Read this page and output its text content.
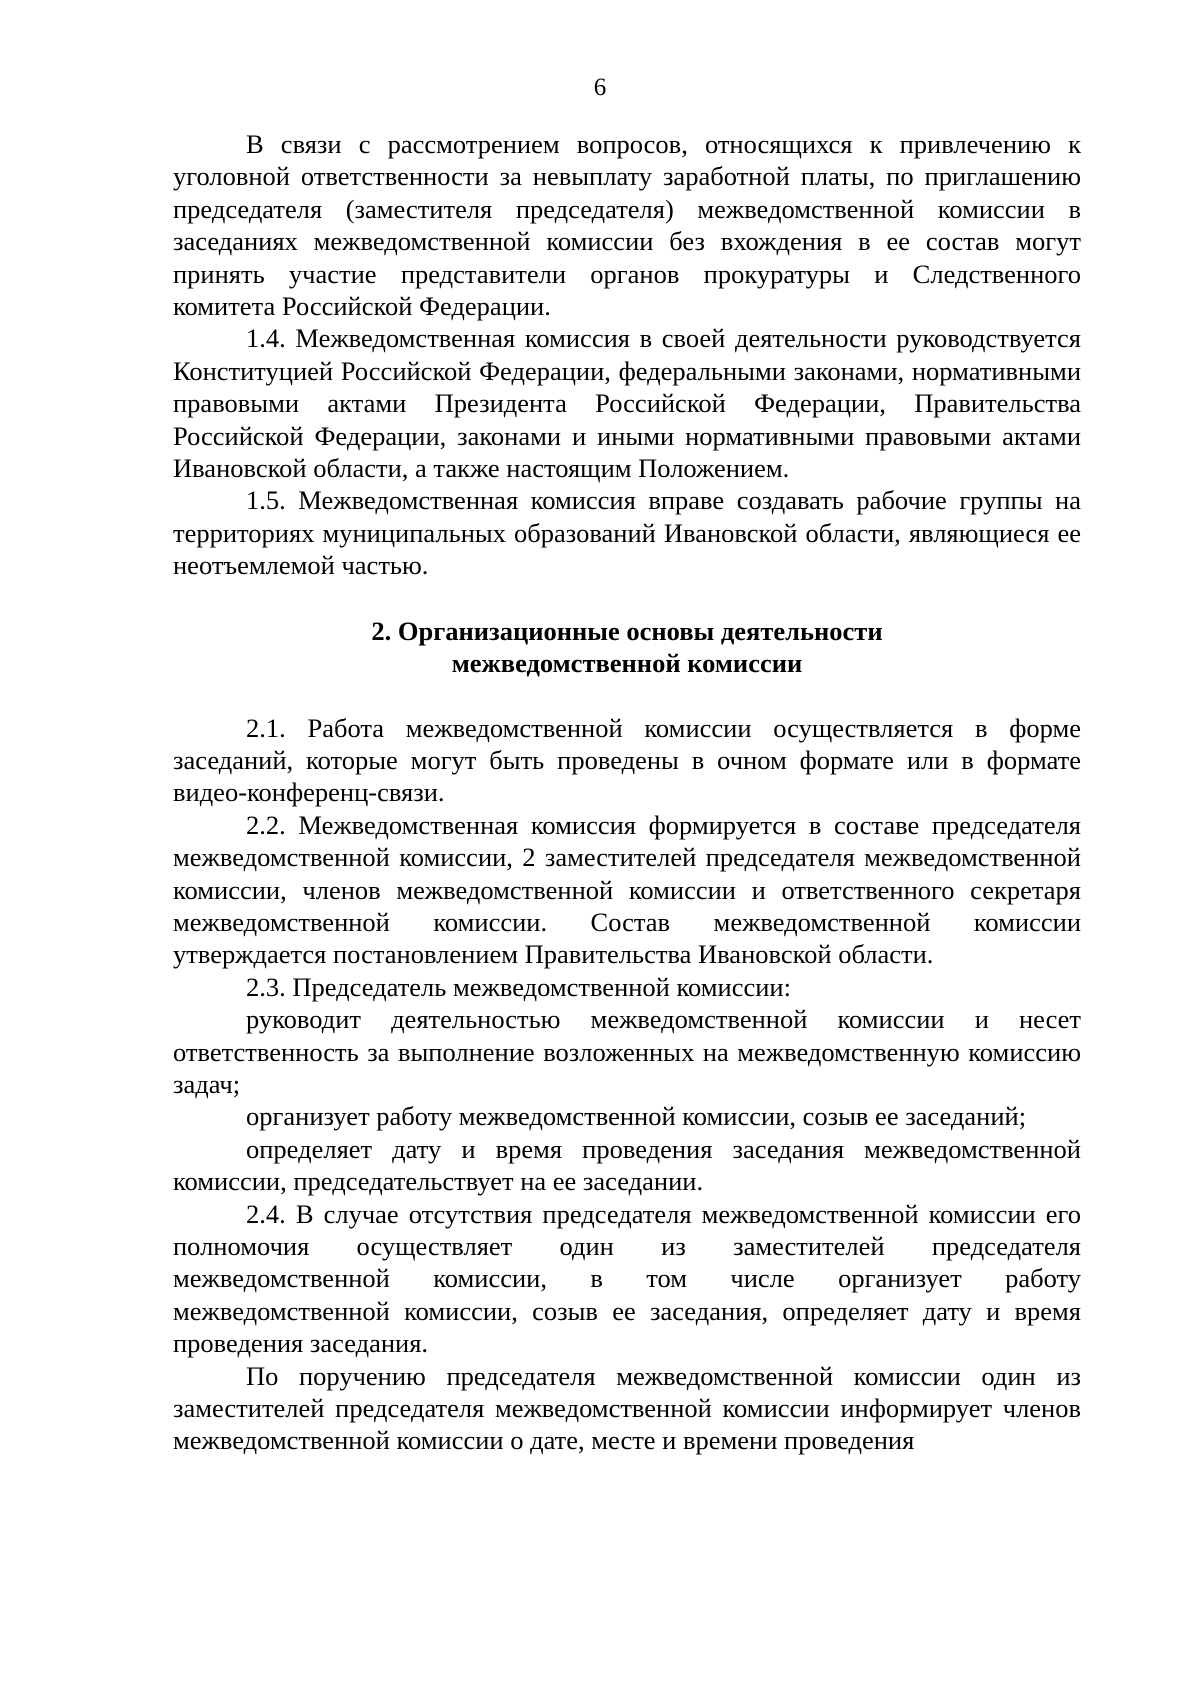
6

В связи с рассмотрением вопросов, относящихся к привлечению к уголовной ответственности за невыплату заработной платы, по приглашению председателя (заместителя председателя) межведомственной комиссии в заседаниях межведомственной комиссии без вхождения в ее состав могут принять участие представители органов прокуратуры и Следственного комитета Российской Федерации.

1.4. Межведомственная комиссия в своей деятельности руководствуется Конституцией Российской Федерации, федеральными законами, нормативными правовыми актами Президента Российской Федерации, Правительства Российской Федерации, законами и иными нормативными правовыми актами Ивановской области, а также настоящим Положением.

1.5. Межведомственная комиссия вправе создавать рабочие группы на территориях муниципальных образований Ивановской области, являющиеся ее неотъемлемой частью.

2. Организационные основы деятельности
межведомственной комиссии

2.1. Работа межведомственной комиссии осуществляется в форме заседаний, которые могут быть проведены в очном формате или в формате видео-конференц-связи.

2.2. Межведомственная комиссия формируется в составе председателя межведомственной комиссии, 2 заместителей председателя межведомственной комиссии, членов межведомственной комиссии и ответственного секретаря межведомственной комиссии. Состав межведомственной комиссии утверждается постановлением Правительства Ивановской области.

2.3. Председатель межведомственной комиссии:

руководит деятельностью межведомственной комиссии и несет ответственность за выполнение возложенных на межведомственную комиссию задач;

организует работу межведомственной комиссии, созыв ее заседаний;

определяет дату и время проведения заседания межведомственной комиссии, председательствует на ее заседании.

2.4. В случае отсутствия председателя межведомственной комиссии его полномочия осуществляет один из заместителей председателя межведомственной комиссии, в том числе организует работу межведомственной комиссии, созыв ее заседания, определяет дату и время проведения заседания.

По поручению председателя межведомственной комиссии один из заместителей председателя межведомственной комиссии информирует членов межведомственной комиссии о дате, месте и времени проведения
